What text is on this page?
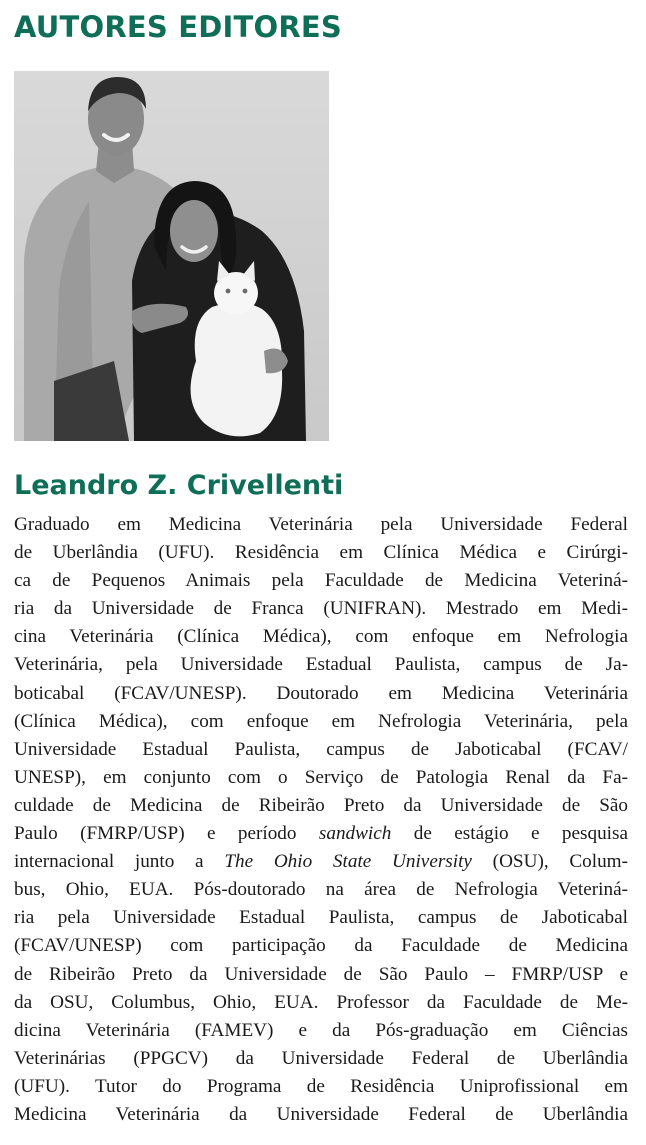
AUTORES EDITORES
Leandro Z. Crivellenti
Graduado em Medicina Veterinária pela Universidade Federal
de Uberlândia (UFU). Residência em Clínica Médica e Cirúrgi-
ca de Pequenos Animais pela Faculdade de Medicina Veteriná-
ria da Universidade de Franca (UNIFRAN). Mestrado em Medi-
cina Veterinária (Clínica Médica), com enfoque em Nefrologia
Veterinária, pela Universidade Estadual Paulista, campus de Ja-
boticabal (FCAV/UNESP). Doutorado em Medicina Veterinária
(Clínica Médica), com enfoque em Nefrologia Veterinária, pela
Universidade Estadual Paulista, campus de Jaboticabal (FCAV/
UNESP), em conjunto com o Serviço de Patologia Renal da Fa-
culdade de Medicina de Ribeirão Preto da Universidade de São
Paulo (FMRP/USP) e período sandwich de estágio e pesquisa
internacional junto a The Ohio State University (OSU), Colum-
bus, Ohio, EUA. Pós-doutorado na área de Nefrologia Veteriná-
ria pela Universidade Estadual Paulista, campus de Jaboticabal
(FCAV/UNESP) com participação da Faculdade de Medicina
de Ribeirão Preto da Universidade de São Paulo – FMRP/USP e
da OSU, Columbus, Ohio, EUA. Professor da Faculdade de Me-
dicina Veterinária (FAMEV) e da Pós-graduação em Ciências
Veterinárias (PPGCV) da Universidade Federal de Uberlândia
(UFU). Tutor do Programa de Residência Uniprofissional em
Medicina Veterinária da Universidade Federal de Uberlândia
